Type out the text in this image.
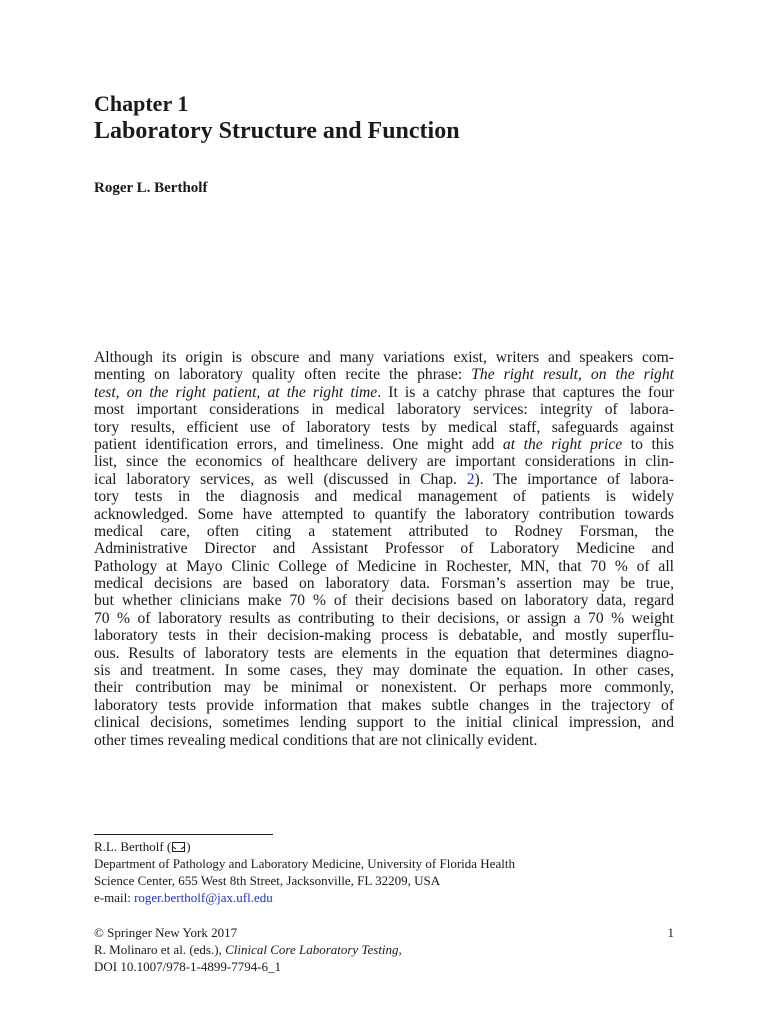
Chapter 1
Laboratory Structure and Function
Roger L. Bertholf
Although its origin is obscure and many variations exist, writers and speakers com-
menting on laboratory quality often recite the phrase: The right result, on the right
test, on the right patient, at the right time. It is a catchy phrase that captures the four
most important considerations in medical laboratory services: integrity of labora-
tory results, efficient use of laboratory tests by medical staff, safeguards against
patient identification errors, and timeliness. One might add at the right price to this
list, since the economics of healthcare delivery are important considerations in clin-
ical laboratory services, as well (discussed in Chap. 2). The importance of labora-
tory tests in the diagnosis and medical management of patients is widely
acknowledged. Some have attempted to quantify the laboratory contribution towards
medical care, often citing a statement attributed to Rodney Forsman, the
Administrative Director and Assistant Professor of Laboratory Medicine and
Pathology at Mayo Clinic College of Medicine in Rochester, MN, that 70 % of all
medical decisions are based on laboratory data. Forsman’s assertion may be true,
but whether clinicians make 70 % of their decisions based on laboratory data, regard
70 % of laboratory results as contributing to their decisions, or assign a 70 % weight
laboratory tests in their decision-making process is debatable, and mostly superflu-
ous. Results of laboratory tests are elements in the equation that determines diagno-
sis and treatment. In some cases, they may dominate the equation. In other cases,
their contribution may be minimal or nonexistent. Or perhaps more commonly,
laboratory tests provide information that makes subtle changes in the trajectory of
clinical decisions, sometimes lending support to the initial clinical impression, and
other times revealing medical conditions that are not clinically evident.
R.L. Bertholf ( )
Department of Pathology and Laboratory Medicine, University of Florida Health
Science Center, 655 West 8th Street, Jacksonville, FL 32209, USA
e-mail: roger.bertholf@jax.ufl.edu
© Springer New York 2017
R. Molinaro et al. (eds.), Clinical Core Laboratory Testing,
DOI 10.1007/978-1-4899-7794-6_1
1
